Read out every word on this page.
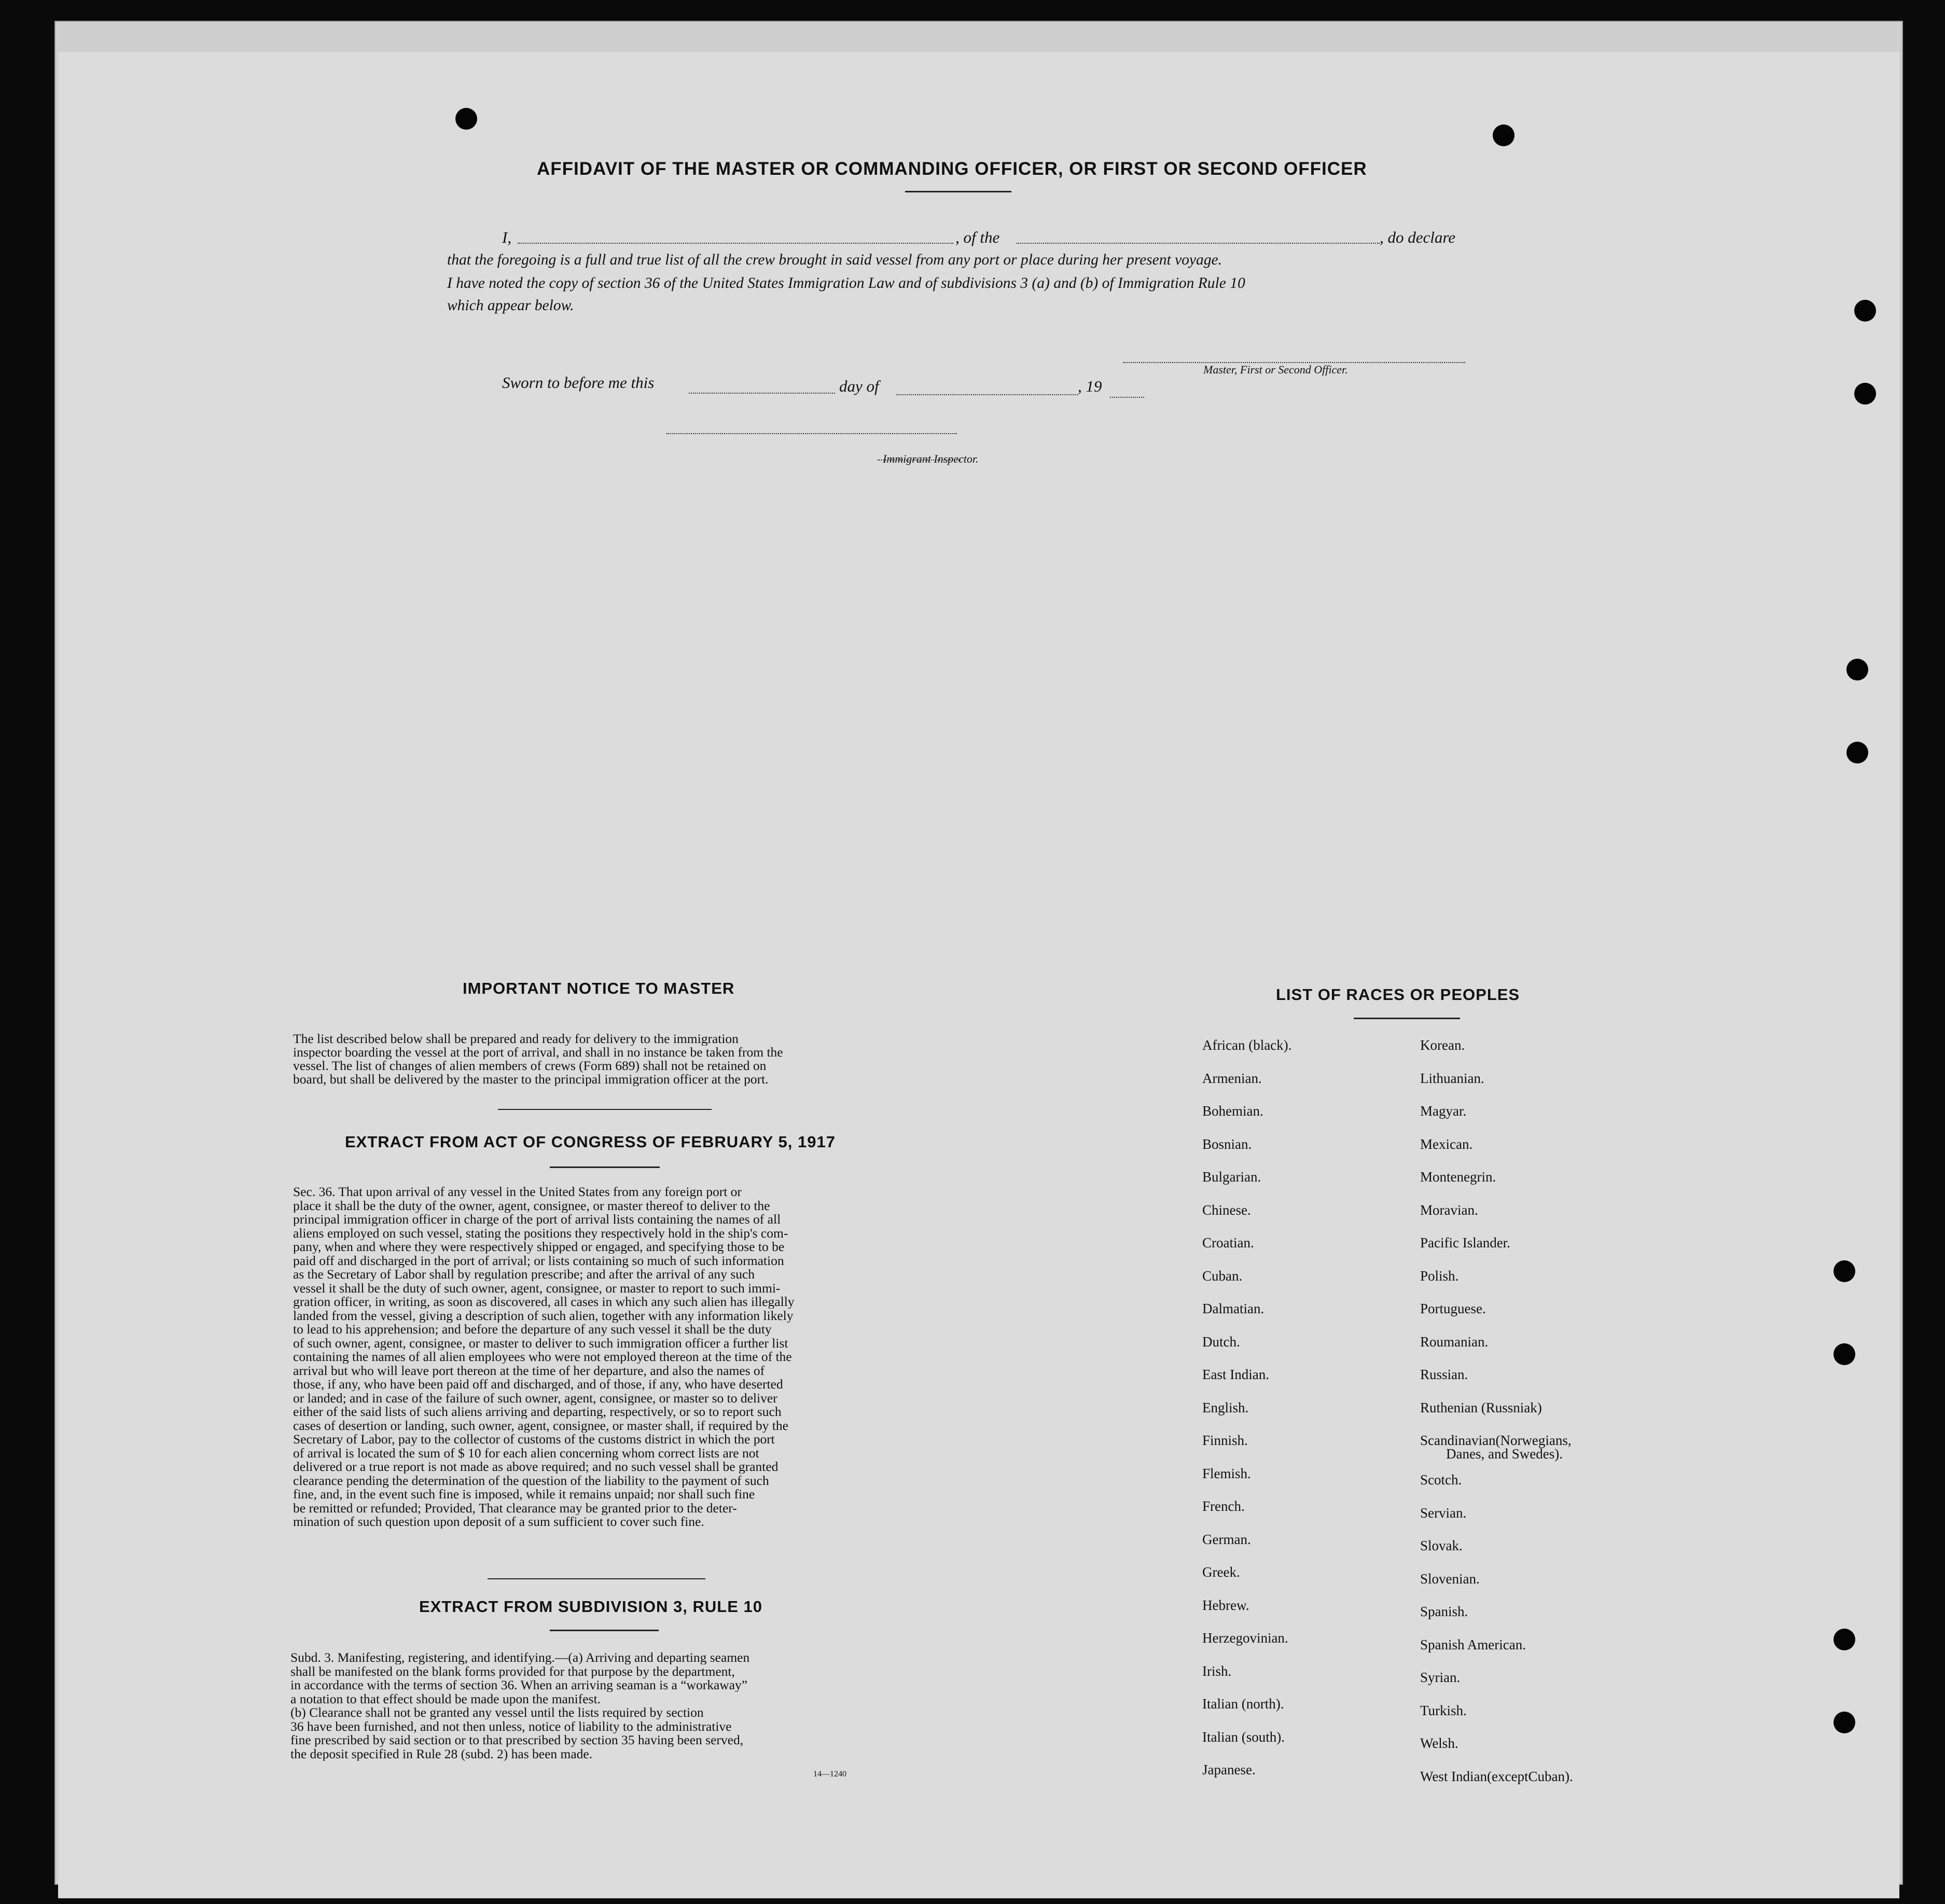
AFFIDAVIT OF THE MASTER OR COMMANDING OFFICER, OR FIRST OR SECOND OFFICER
I,	, of the	, do declare
that the foregoing is a full and true list of all the crew brought in said vessel from any port or place during her present voyage.
I have noted the copy of section 36 of the United States Immigration Law and of subdivisions 3 (a) and (b) of Immigration Rule 10
which appear below.
Master, First or Second Officer.
Sworn to before me this	day of	, 19
Immigrant Inspector.
IMPORTANT NOTICE TO MASTER
The list described below shall be prepared and ready for delivery to the immigration
inspector boarding the vessel at the port of arrival, and shall in no instance be taken from the
vessel. The list of changes of alien members of crews (Form 689) shall not be retained on
board, but shall be delivered by the master to the principal immigration officer at the port.
EXTRACT FROM ACT OF CONGRESS OF FEBRUARY 5, 1917
Sec. 36. That upon arrival of any vessel in the United States from any foreign port or
place it shall be the duty of the owner, agent, consignee, or master thereof to deliver to the
principal immigration officer in charge of the port of arrival lists containing the names of all
aliens employed on such vessel, stating the positions they respectively hold in the ship's com-
pany, when and where they were respectively shipped or engaged, and specifying those to be
paid off and discharged in the port of arrival; or lists containing so much of such information
as the Secretary of Labor shall by regulation prescribe; and after the arrival of any such
vessel it shall be the duty of such owner, agent, consignee, or master to report to such immi-
gration officer, in writing, as soon as discovered, all cases in which any such alien has illegally
landed from the vessel, giving a description of such alien, together with any information likely
to lead to his apprehension; and before the departure of any such vessel it shall be the duty
of such owner, agent, consignee, or master to deliver to such immigration officer a further list
containing the names of all alien employees who were not employed thereon at the time of the
arrival but who will leave port thereon at the time of her departure, and also the names of
those, if any, who have been paid off and discharged, and of those, if any, who have deserted
or landed; and in case of the failure of such owner, agent, consignee, or master so to deliver
either of the said lists of such aliens arriving and departing, respectively, or so to report such
cases of desertion or landing, such owner, agent, consignee, or master shall, if required by the
Secretary of Labor, pay to the collector of customs of the customs district in which the port
of arrival is located the sum of $ 10 for each alien concerning whom correct lists are not
delivered or a true report is not made as above required; and no such vessel shall be granted
clearance pending the determination of the question of the liability to the payment of such
fine, and, in the event such fine is imposed, while it remains unpaid; nor shall such fine
be remitted or refunded; Provided, That clearance may be granted prior to the deter-
mination of such question upon deposit of a sum sufficient to cover such fine.
EXTRACT FROM SUBDIVISION 3, RULE 10
Subd. 3. Manifesting, registering, and identifying.—(a) Arriving and departing seamen
shall be manifested on the blank forms provided for that purpose by the department,
in accordance with the terms of section 36. When an arriving seaman is a “workaway”
a notation to that effect should be made upon the manifest.
(b) Clearance shall not be granted any vessel until the lists required by section
36 have been furnished, and not then unless, notice of liability to the administrative
fine prescribed by said section or to that prescribed by section 35 having been served,
the deposit specified in Rule 28 (subd. 2) has been made.
14—1240
LIST OF RACES OR PEOPLES
African (black).
Armenian.
Bohemian.
Bosnian.
Bulgarian.
Chinese.
Croatian.
Cuban.
Dalmatian.
Dutch.
East Indian.
English.
Finnish.
Flemish.
French.
German.
Greek.
Hebrew.
Herzegovinian.
Irish.
Italian (north).
Italian (south).
Japanese.
Korean.
Lithuanian.
Magyar.
Mexican.
Montenegrin.
Moravian.
Pacific Islander.
Polish.
Portuguese.
Roumanian.
Russian.
Ruthenian (Russniak)
Scandinavian(Norwegians,
Danes, and Swedes).
Scotch.
Servian.
Slovak.
Slovenian.
Spanish.
Spanish American.
Syrian.
Turkish.
Welsh.
West Indian(exceptCuban).
